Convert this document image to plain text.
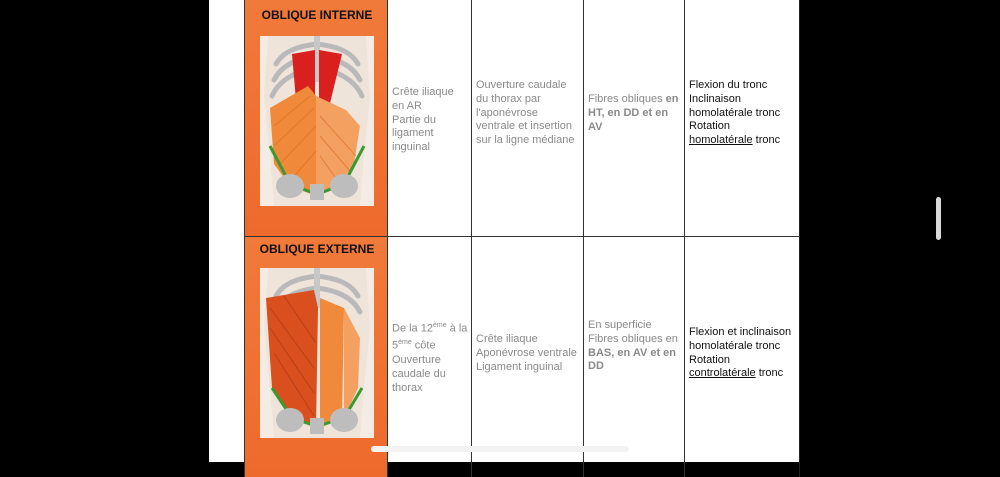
OBLIQUE INTERNE
Crête iliaque en AR
Partie du ligament inguinal
Ouverture caudale du thorax par l'aponévrose ventrale et insertion sur la ligne médiane
Fibres obliques en HT, en DD et en AV
Flexion du tronc
Inclinaison homolatérale tronc
Rotation homolatérale tronc
OBLIQUE EXTERNE
De la 12ème à la 5ème côte
Ouverture caudale du thorax
Crête iliaque
Aponévrose ventrale
Ligament inguinal
En superficie
Fibres obliques en BAS, en AV et en DD
Flexion et inclinaison homolatérale tronc
Rotation
controlatérale tronc
